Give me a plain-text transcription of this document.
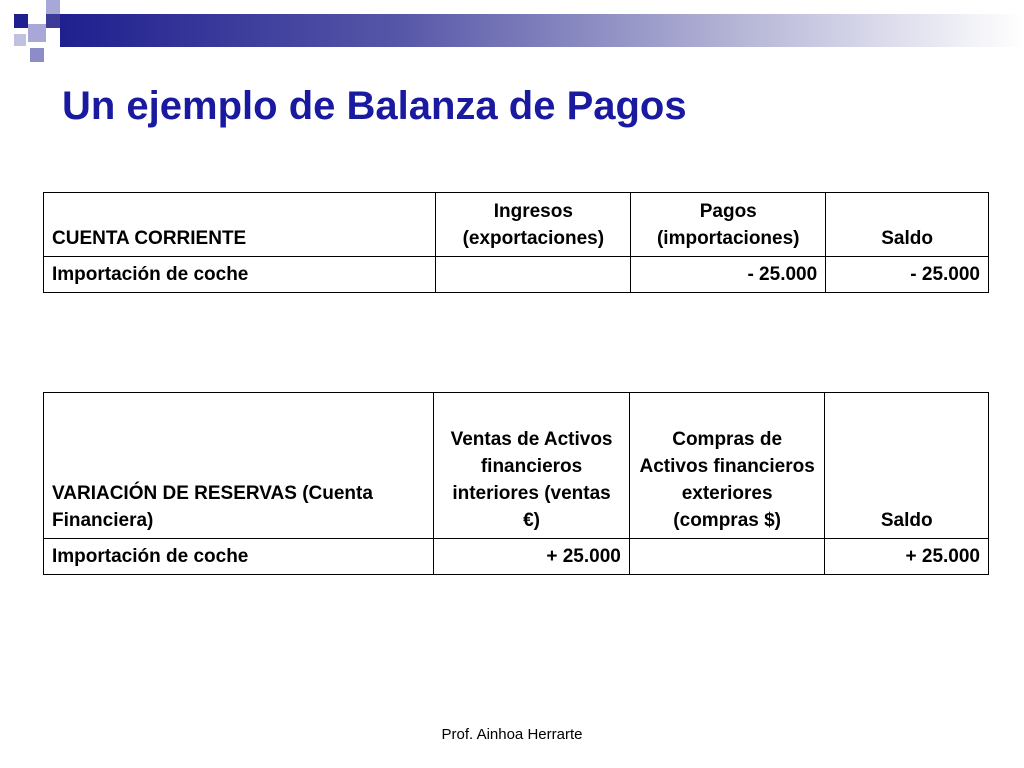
Un ejemplo de Balanza de Pagos
CUENTA CORRIENTE	Ingresos (exportaciones)	Pagos (importaciones)	Saldo
Importación de coche		- 25.000	- 25.000
VARIACIÓN DE RESERVAS (Cuenta Financiera)	Ventas de Activos financieros interiores (ventas €)	Compras de Activos financieros exteriores (compras $)	Saldo
Importación de coche	+ 25.000		+ 25.000
Prof. Ainhoa Herrarte
